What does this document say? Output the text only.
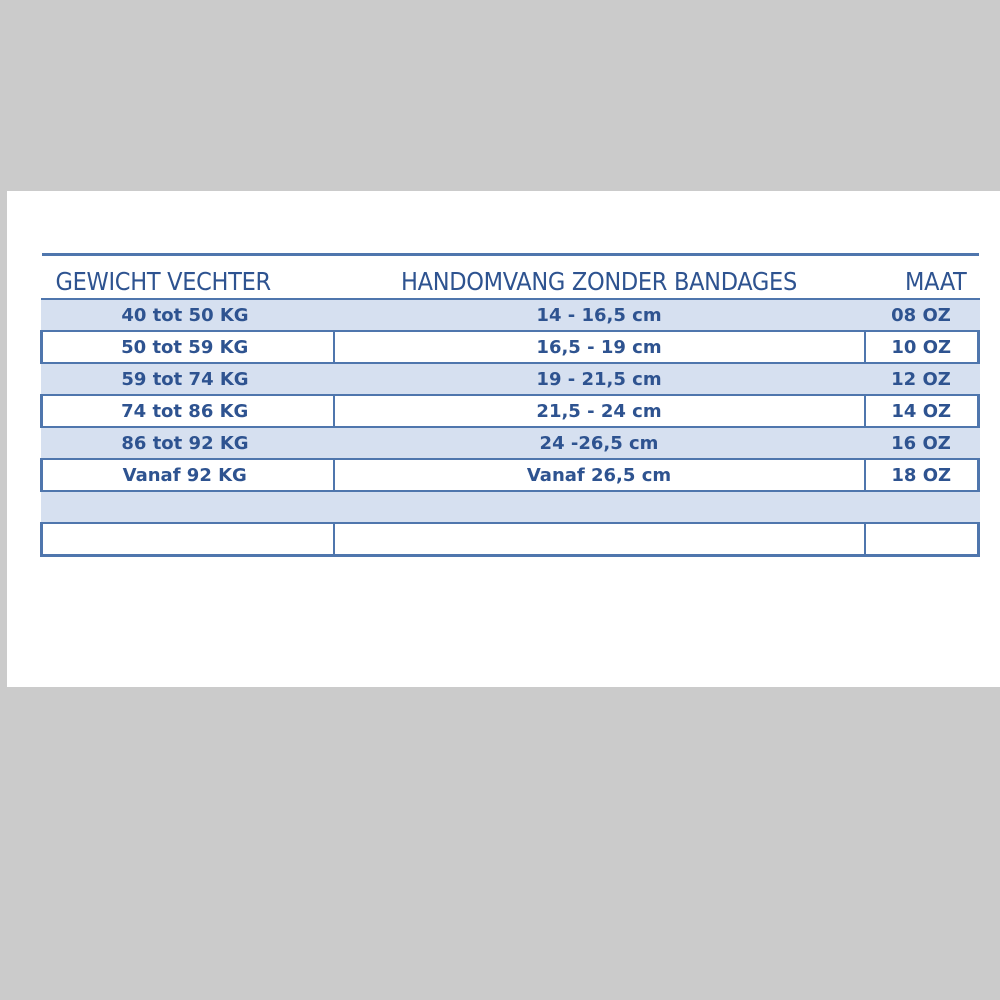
GEWICHT VECHTER	HANDOMVANG ZONDER BANDAGES	MAAT
40 tot 50 KG	14 - 16,5 cm	08 OZ
50 tot 59 KG	16,5 - 19 cm	10 OZ
59 tot 74 KG	19 - 21,5 cm	12 OZ
74 tot 86 KG	21,5 - 24 cm	14 OZ
86 tot 92 KG	24 -26,5 cm	16 OZ
Vanaf 92 KG	Vanaf 26,5 cm	18 OZ
